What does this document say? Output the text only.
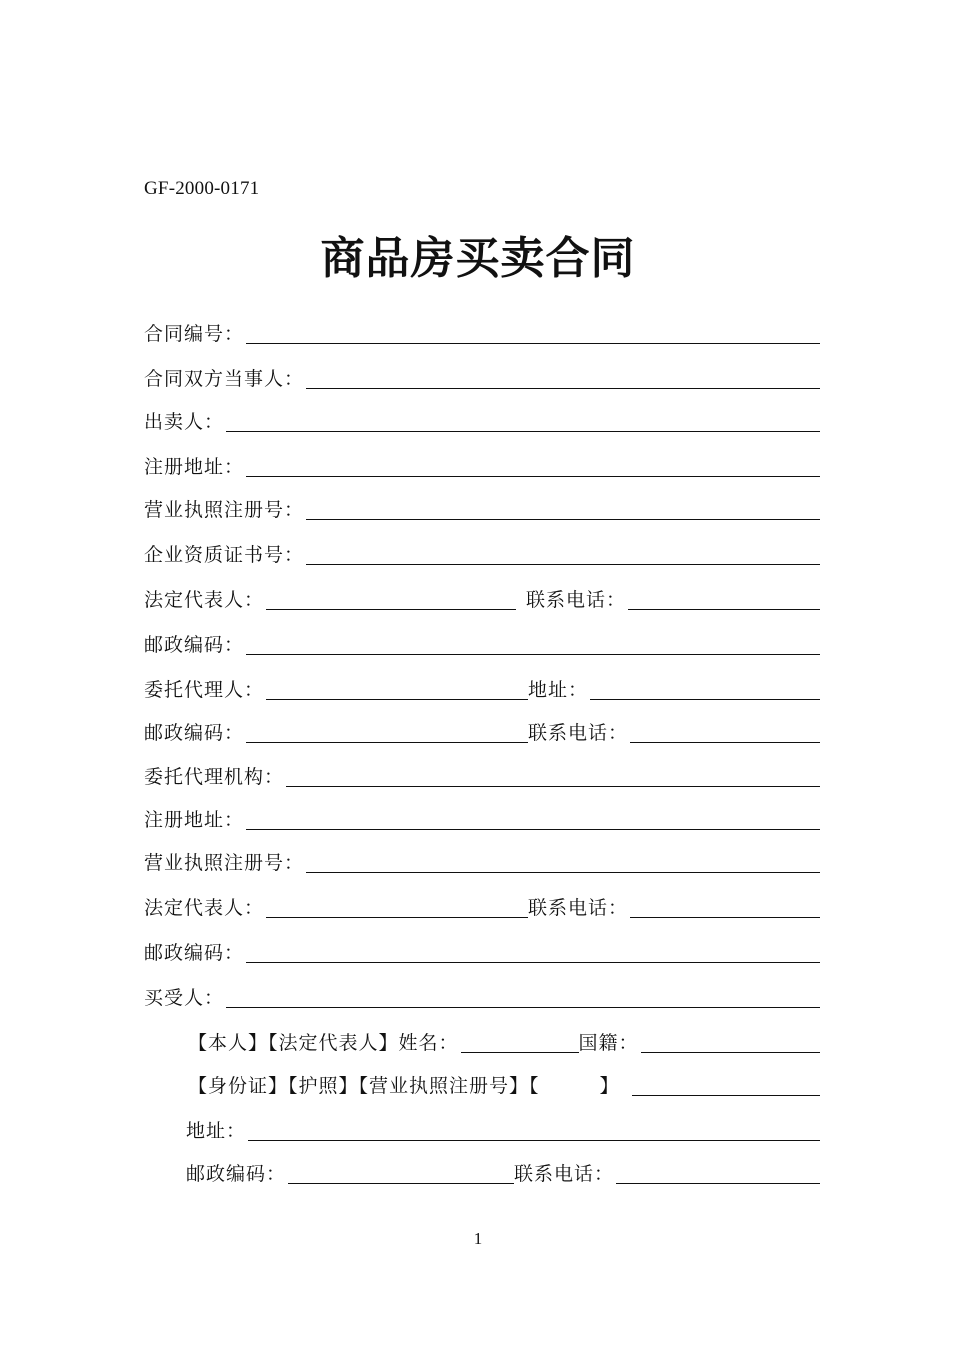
GF-2000-0171
商品房买卖合同
合同编号：
合同双方当事人：
出卖人：
注册地址：
营业执照注册号：
企业资质证书号：
法定代表人：	联系电话：
邮政编码：
委托代理人：	地址：
邮政编码：	联系电话：
委托代理机构：
注册地址：
营业执照注册号：
法定代表人：	联系电话：
邮政编码：
买受人：
【本人】【法定代表人】姓名：	国籍：
【身份证】【护照】【营业执照注册号】【	】
地址：
邮政编码：	联系电话：
1
